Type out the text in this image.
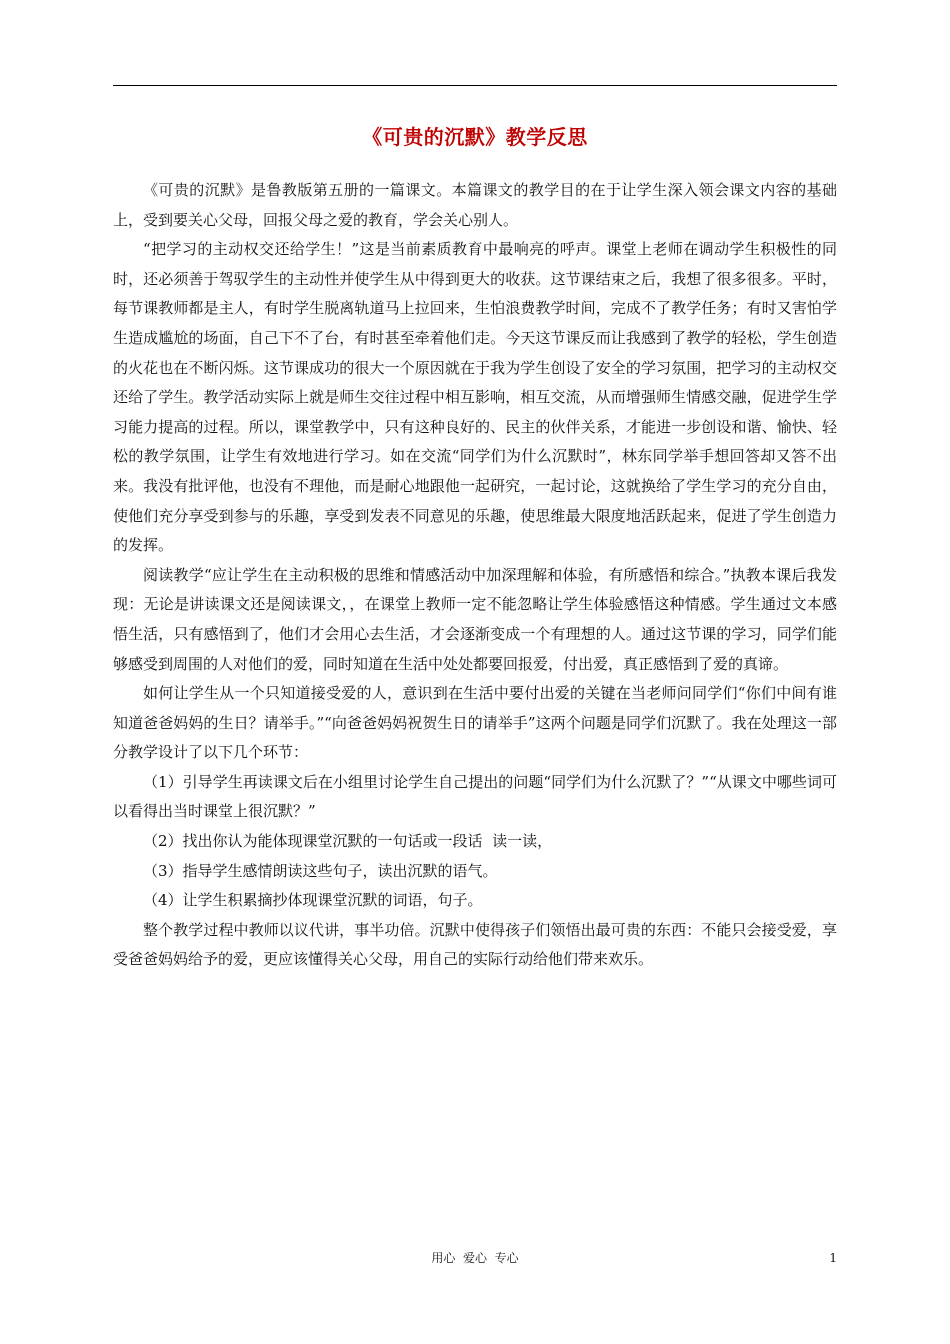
《可贵的沉默》教学反思

《可贵的沉默》是鲁教版第五册的一篇课文。本篇课文的教学目的在于让学生深入领会课文内容的基础上，受到要关心父母，回报父母之爱的教育，学会关心别人。

“把学习的主动权交还给学生！”这是当前素质教育中最响亮的呼声。课堂上老师在调动学生积极性的同时，还必须善于驾驭学生的主动性并使学生从中得到更大的收获。这节课结束之后，我想了很多很多。平时，每节课教师都是主人，有时学生脱离轨道马上拉回来，生怕浪费教学时间，完成不了教学任务；有时又害怕学生造成尴尬的场面，自己下不了台，有时甚至牵着他们走。今天这节课反而让我感到了教学的轻松，学生创造的火花也在不断闪烁。这节课成功的很大一个原因就在于我为学生创设了安全的学习氛围，把学习的主动权交还给了学生。教学活动实际上就是师生交往过程中相互影响，相互交流，从而增强师生情感交融，促进学生学习能力提高的过程。所以，课堂教学中，只有这种良好的、民主的伙伴关系，才能进一步创设和谐、愉快、轻松的教学氛围，让学生有效地进行学习。如在交流“同学们为什么沉默时”，林东同学举手想回答却又答不出来。我没有批评他，也没有不理他，而是耐心地跟他一起研究，一起讨论，这就换给了学生学习的充分自由，使他们充分享受到参与的乐趣，享受到发表不同意见的乐趣，使思维最大限度地活跃起来，促进了学生创造力的发挥。

阅读教学“应让学生在主动积极的思维和情感活动中加深理解和体验，有所感悟和综合。”执教本课后我发现：无论是讲读课文还是阅读课文，，在课堂上教师一定不能忽略让学生体验感悟这种情感。学生通过文本感悟生活，只有感悟到了，他们才会用心去生活，才会逐渐变成一个有理想的人。通过这节课的学习，同学们能够感受到周围的人对他们的爱，同时知道在生活中处处都要回报爱，付出爱，真正感悟到了爱的真谛。

如何让学生从一个只知道接受爱的人，意识到在生活中要付出爱的关键在当老师问同学们“你们中间有谁知道爸爸妈妈的生日？请举手。”“向爸爸妈妈祝贺生日的请举手”这两个问题是同学们沉默了。我在处理这一部分教学设计了以下几个环节：

（1）引导学生再读课文后在小组里讨论学生自己提出的问题“同学们为什么沉默了？”“从课文中哪些词可以看得出当时课堂上很沉默？”

（2）找出你认为能体现课堂沉默的一句话或一段话  读一读，

（3）指导学生感情朗读这些句子，读出沉默的语气。

（4）让学生积累摘抄体现课堂沉默的词语，句子。

整个教学过程中教师以议代讲，事半功倍。沉默中使得孩子们领悟出最可贵的东西：不能只会接受爱，享受爸爸妈妈给予的爱，更应该懂得关心父母，用自己的实际行动给他们带来欢乐。

用心  爱心  专心	1
